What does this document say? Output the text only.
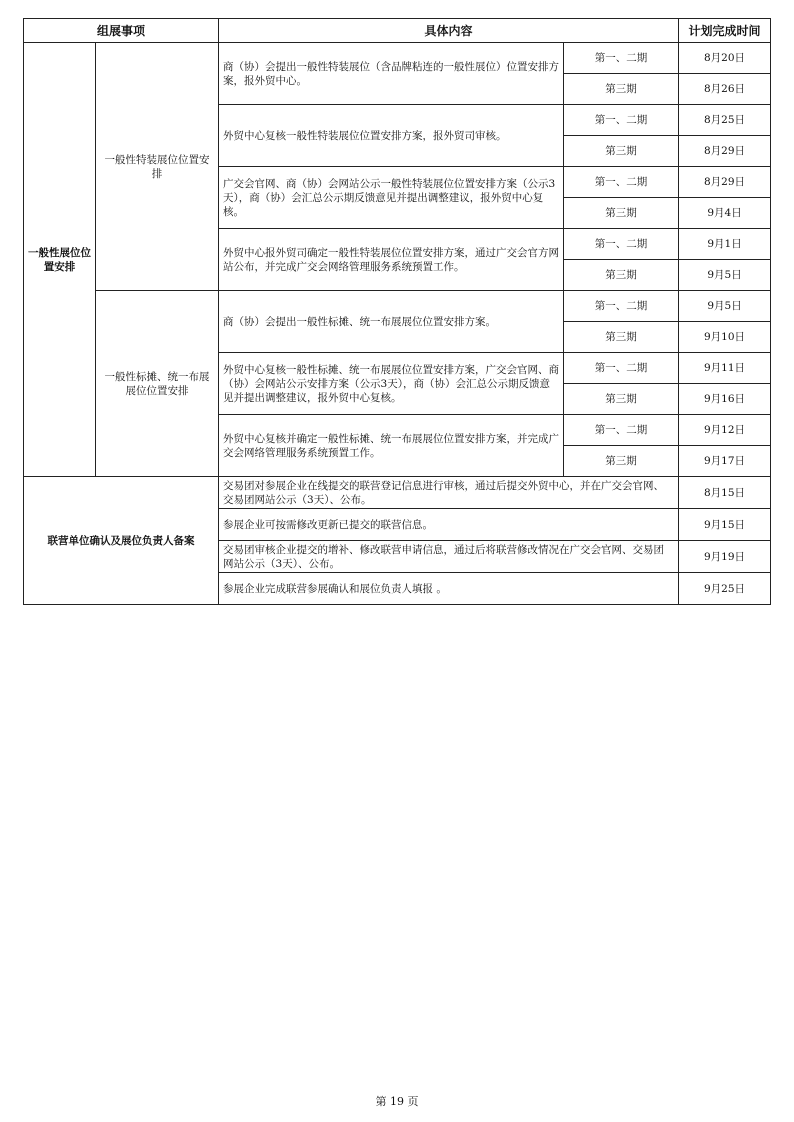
组展事项		具体内容		计划完成时间
一般性展位位置安排	一般性特装展位位置安排	商（协）会提出一般性特装展位（含品牌粘连的一般性展位）位置安排方案，报外贸中心。	第一、二期	8月20日
			第三期	8月26日
		外贸中心复核一般性特装展位位置安排方案，报外贸司审核。	第一、二期	8月25日
			第三期	8月29日
		广交会官网、商（协）会网站公示一般性特装展位位置安排方案（公示3天），商（协）会汇总公示期反馈意见并提出调整建议，报外贸中心复核。	第一、二期	8月29日
			第三期	9月4日
		外贸中心报外贸司确定一般性特装展位位置安排方案，通过广交会官方网站公布，并完成广交会网络管理服务系统预置工作。	第一、二期	9月1日
			第三期	9月5日
	一般性标摊、统一布展展位位置安排	商（协）会提出一般性标摊、统一布展展位位置安排方案。	第一、二期	9月5日
			第三期	9月10日
		外贸中心复核一般性标摊、统一布展展位位置安排方案，广交会官网、商（协）会网站公示安排方案（公示3天），商（协）会汇总公示期反馈意见并提出调整建议，报外贸中心复核。	第一、二期	9月11日
			第三期	9月16日
		外贸中心复核并确定一般性标摊、统一布展展位位置安排方案，并完成广交会网络管理服务系统预置工作。	第一、二期	9月12日
			第三期	9月17日
联营单位确认及展位负责人备案		交易团对参展企业在线提交的联营登记信息进行审核，通过后提交外贸中心，并在广交会官网、交易团网站公示（3天）、公布。		8月15日
		参展企业可按需修改更新已提交的联营信息。		9月15日
		交易团审核企业提交的增补、修改联营申请信息，通过后将联营修改情况在广交会官网、交易团网站公示（3天）、公布。		9月19日
		参展企业完成联营参展确认和展位负责人填报 。		9月25日
第 19 页
